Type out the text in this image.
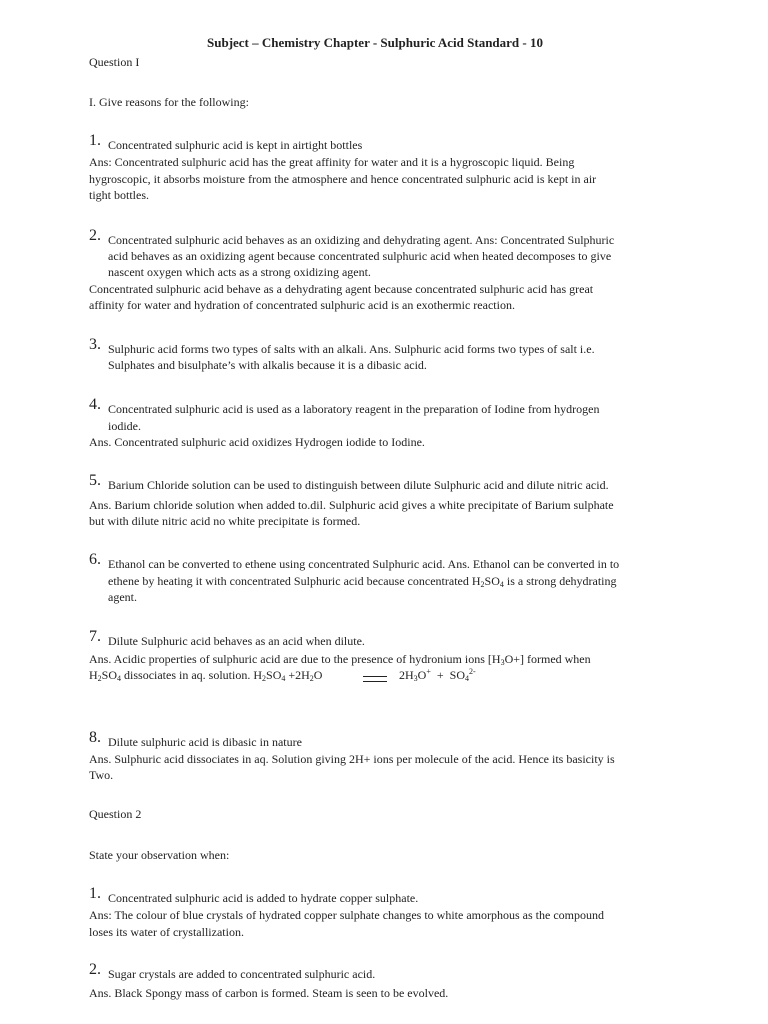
Subject – Chemistry Chapter - Sulphuric Acid Standard - 10
Question I
I. Give reasons for the following:
1. Concentrated sulphuric acid is kept in airtight bottles
Ans: Concentrated sulphuric acid has the great affinity for water and it is a hygroscopic liquid. Being
hygroscopic, it absorbs moisture from the atmosphere and hence concentrated sulphuric acid is kept in air
tight bottles.
2. Concentrated sulphuric acid behaves as an oxidizing and dehydrating agent. Ans: Concentrated Sulphuric
acid behaves as an oxidizing agent because concentrated sulphuric acid when heated decomposes to give
nascent oxygen which acts as a strong oxidizing agent.
Concentrated sulphuric acid behave as a dehydrating agent because concentrated sulphuric acid has great
affinity for water and hydration of concentrated sulphuric acid is an exothermic reaction.
3. Sulphuric acid forms two types of salts with an alkali. Ans. Sulphuric acid forms two types of salt i.e.
Sulphates and bisulphate’s with alkalis because it is a dibasic acid.
4. Concentrated sulphuric acid is used as a laboratory reagent in the preparation of Iodine from hydrogen
iodide.
Ans. Concentrated sulphuric acid oxidizes Hydrogen iodide to Iodine.
5. Barium Chloride solution can be used to distinguish between dilute Sulphuric acid and dilute nitric acid.
Ans. Barium chloride solution when added to.dil. Sulphuric acid gives a white precipitate of Barium sulphate
but with dilute nitric acid no white precipitate is formed.
6. Ethanol can be converted to ethene using concentrated Sulphuric acid. Ans. Ethanol can be converted in to
ethene by heating it with concentrated Sulphuric acid because concentrated $H_2SO_4$ is a strong dehydrating
agent.
7. Dilute Sulphuric acid behaves as an acid when dilute.
Ans. Acidic properties of sulphuric acid are due to the presence of hydronium ions $[H_3O+]$ formed when
$H_2SO_4$ dissociates in aq. solution. $H_2SO_4 +2H_2O$	$2H_3O^+ + SO_4^{2-}$
8. Dilute sulphuric acid is dibasic in nature
Ans. Sulphuric acid dissociates in aq. Solution giving 2H+ ions per molecule of the acid. Hence its basicity is
Two.
Question 2
State your observation when:
1. Concentrated sulphuric acid is added to hydrate copper sulphate.
Ans: The colour of blue crystals of hydrated copper sulphate changes to white amorphous as the compound
loses its water of crystallization.
2. Sugar crystals are added to concentrated sulphuric acid.
Ans. Black Spongy mass of carbon is formed. Steam is seen to be evolved.
